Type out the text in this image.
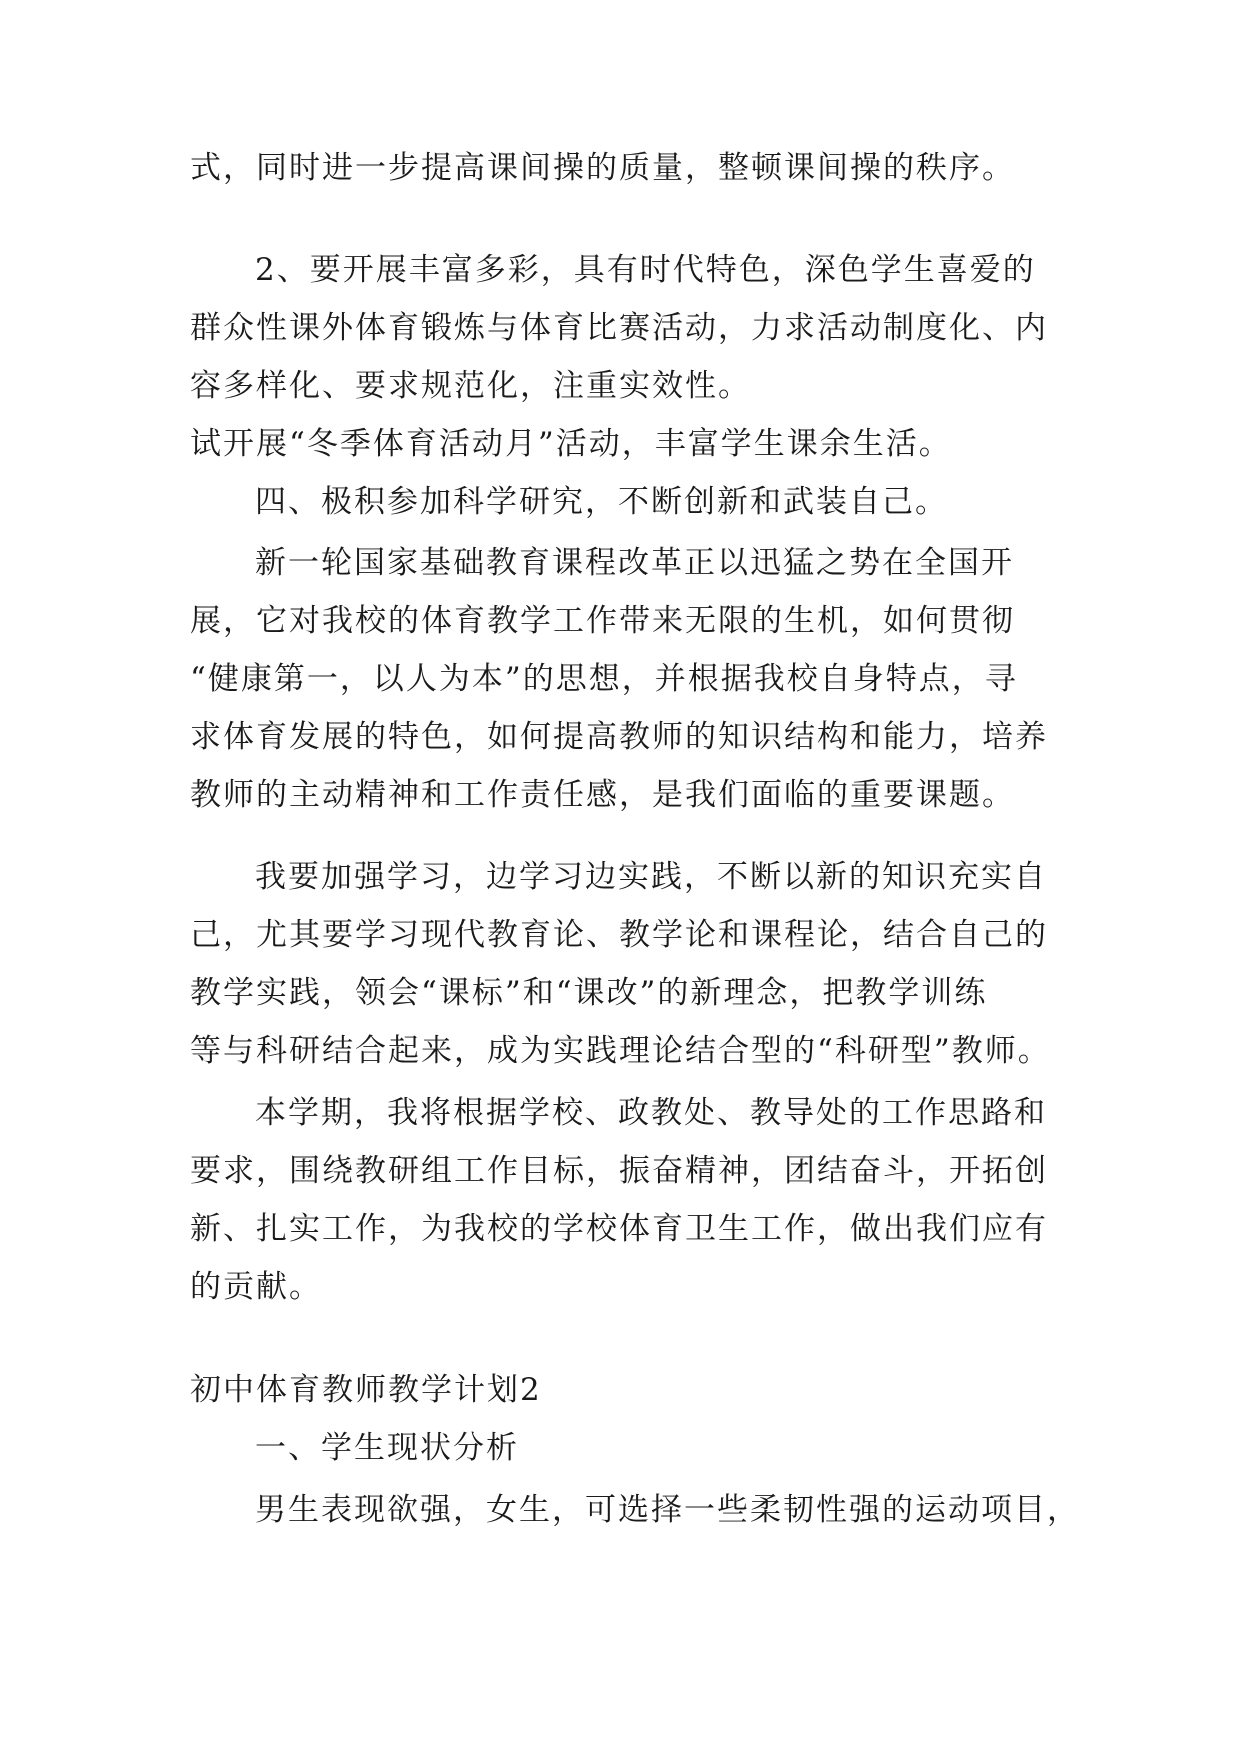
式，同时进一步提高课间操的质量，整顿课间操的秩序。
2、要开展丰富多彩，具有时代特色，深色学生喜爱的
群众性课外体育锻炼与体育比赛活动，力求活动制度化、内
容多样化、要求规范化，注重实效性。
试开展“冬季体育活动月”活动，丰富学生课余生活。
四、极积参加科学研究，不断创新和武装自己。
新一轮国家基础教育课程改革正以迅猛之势在全国开
展，它对我校的体育教学工作带来无限的生机，如何贯彻
“健康第一，以人为本”的思想，并根据我校自身特点，寻
求体育发展的特色，如何提高教师的知识结构和能力，培养
教师的主动精神和工作责任感，是我们面临的重要课题。
我要加强学习，边学习边实践，不断以新的知识充实自
己，尤其要学习现代教育论、教学论和课程论，结合自己的
教学实践，领会“课标”和“课改”的新理念，把教学训练
等与科研结合起来，成为实践理论结合型的“科研型”教师。
本学期，我将根据学校、政教处、教导处的工作思路和
要求，围绕教研组工作目标，振奋精神，团结奋斗，开拓创
新、扎实工作，为我校的学校体育卫生工作，做出我们应有
的贡献。
初中体育教师教学计划2
一、学生现状分析
男生表现欲强，女生，可选择一些柔韧性强的运动项目，
